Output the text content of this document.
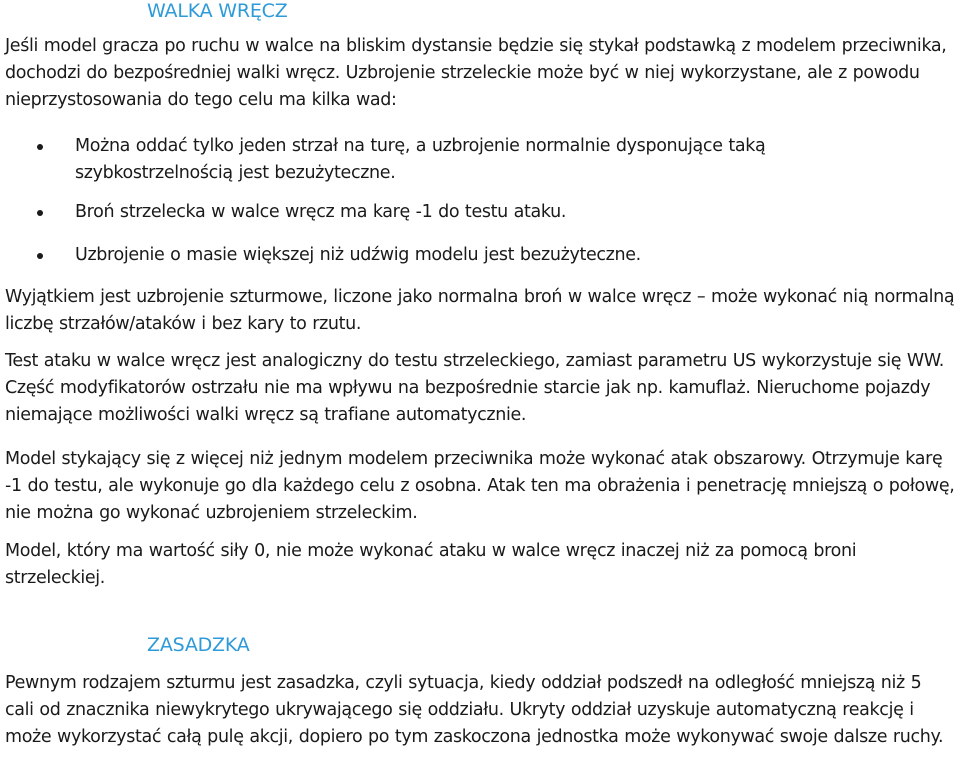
WALKA WRĘCZ

Jeśli model gracza po ruchu w walce na bliskim dystansie będzie się stykał podstawką z modelem przeciwnika, dochodzi do bezpośredniej walki wręcz. Uzbrojenie strzeleckie może być w niej wykorzystane, ale z powodu nieprzystosowania do tego celu ma kilka wad:

Można oddać tylko jeden strzał na turę, a uzbrojenie normalnie dysponujące taką szybkostrzelnością jest bezużyteczne.
Broń strzelecka w walce wręcz ma karę -1 do testu ataku.
Uzbrojenie o masie większej niż udźwig modelu jest bezużyteczne.

Wyjątkiem jest uzbrojenie szturmowe, liczone jako normalna broń w walce wręcz – może wykonać nią normalną liczbę strzałów/ataków i bez kary to rzutu.

Test ataku w walce wręcz jest analogiczny do testu strzeleckiego, zamiast parametru US wykorzystuje się WW. Część modyfikatorów ostrzału nie ma wpływu na bezpośrednie starcie jak np. kamuflaż. Nieruchome pojazdy niemające możliwości walki wręcz są trafiane automatycznie.

Model stykający się z więcej niż jednym modelem przeciwnika może wykonać atak obszarowy. Otrzymuje karę -1 do testu, ale wykonuje go dla każdego celu z osobna. Atak ten ma obrażenia i penetrację mniejszą o połowę, nie można go wykonać uzbrojeniem strzeleckim.

Model, który ma wartość siły 0, nie może wykonać ataku w walce wręcz inaczej niż za pomocą broni strzeleckiej.

ZASADZKA

Pewnym rodzajem szturmu jest zasadzka, czyli sytuacja, kiedy oddział podszedł na odległość mniejszą niż 5 cali od znacznika niewykrytego ukrywającego się oddziału. Ukryty oddział uzyskuje automatyczną reakcję i może wykorzystać całą pulę akcji, dopiero po tym zaskoczona jednostka może wykonywać swoje dalsze ruchy.
